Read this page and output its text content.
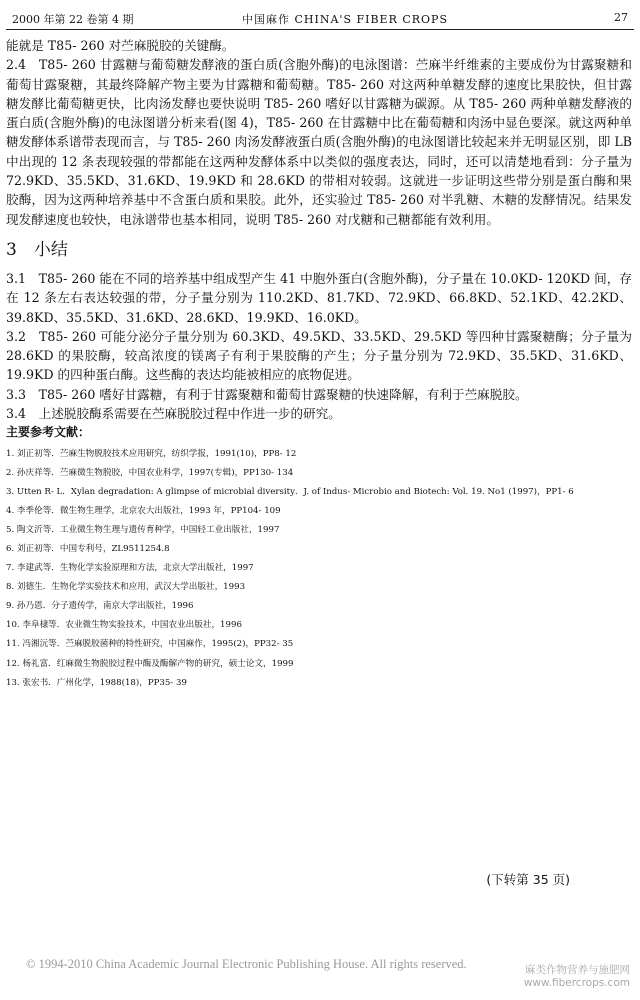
2000 年第 22 卷第 4 期	中国麻作 CHINA'S FIBER CROPS	27

能就是 T85- 260 对苎麻脱胶的关键酶。

2.4　T85- 260 甘露糖与葡萄糖发酵液的蛋白质(含胞外酶)的电泳图谱：苎麻半纤维素的主要成份为甘露聚糖和葡萄甘露聚糖，其最终降解产物主要为甘露糖和葡萄糖。T85- 260 对这两种单糖发酵的速度比果胶快，但甘露糖发酵比葡萄糖更快，比肉汤发酵也要快说明 T85- 260 嗜好以甘露糖为碳源。从 T85- 260 两种单糖发酵液的蛋白质(含胞外酶)的电泳图谱分析来看(图 4)，T85- 260 在甘露糖中比在葡萄糖和肉汤中显色要深。就这两种单糖发酵体系谱带表现而言，与 T85- 260 肉汤发酵液蛋白质(含胞外酶)的电泳图谱比较起来并无明显区别，即 LB 中出现的 12 条表现较强的带都能在这两种发酵体系中以类似的强度表达，同时，还可以清楚地看到：分子量为 72.9KD、35.5KD、31.6KD、19.9KD 和 28.6KD 的带相对较弱。这就进一步证明这些带分别是蛋白酶和果胶酶，因为这两种培养基中不含蛋白质和果胶。此外，还实验过 T85- 260 对半乳糖、木糖的发酵情况。结果发现发酵速度也较快，电泳谱带也基本相同，说明 T85- 260 对戊糖和己糖都能有效利用。

3　小结

3.1　T85- 260 能在不同的培养基中组成型产生 41 中胞外蛋白(含胞外酶)，分子量在 10.0KD- 120KD 间，存在 12 条左右表达较强的带，分子量分别为 110.2KD、81.7KD、72.9KD、66.8KD、52.1KD、42.2KD、39.8KD、35.5KD、31.6KD、28.6KD、19.9KD、16.0KD。

3.2　T85- 260 可能分泌分子量分别为 60.3KD、49.5KD、33.5KD、29.5KD 等四种甘露聚糖酶；分子量为 28.6KD 的果胶酶，较高浓度的镁离子有利于果胶酶的产生；分子量分别为 72.9KD、35.5KD、31.6KD、19.9KD 的四种蛋白酶。这些酶的表达均能被相应的底物促进。

3.3　T85- 260 嗜好甘露糖，有利于甘露聚糖和葡萄甘露聚糖的快速降解，有利于苎麻脱胶。

3.4　上述脱胶酶系需要在苎麻脱胶过程中作进一步的研究。

主要参考文献：

1. 刘正初等．苎麻生物脱胶技术应用研究，纺织学报，1991(10)，PP8- 12
2. 孙庆祥等．苎麻微生物脱胶，中国农业科学，1997(专辑)，PP130- 134
3. Utten R- L．Xylan degradation: A glimpse of microbial diversity．J. of Indus- Microbio and Biotech: Vol. 19. No1 (1997)，PP1- 6
4. 李季伦等．微生物生理学，北京农大出版社，1993 年，PP104- 109
5. 陶文沂等．工业微生物生理与遗传育种学，中国轻工业出版社，1997
6. 刘正初等．中国专利号，ZL9511254.8
7. 李建武等．生物化学实验原理和方法，北京大学出版社，1997
8. 刘德生．生物化学实验技术和应用，武汉大学出版社，1993
9. 孙乃恩．分子遗传学，南京大学出版社，1996
10. 李阜棣等．农业微生物实验技术，中国农业出版社，1996
11. 冯湘沅等．苎麻脱胶菌种的特性研究，中国麻作，1995(2)，PP32- 35
12. 杨礼富．红麻微生物脱胶过程中酶及酶解产物的研究，硕士论文，1999
13. 张宏书．广州化学，1988(18)，PP35- 39
(下转第 35 页)
© 1994-2010 China Academic Journal Electronic Publishing House. All rights reserved.	麻类作物营养与施肥网
www.fibercrops.com
